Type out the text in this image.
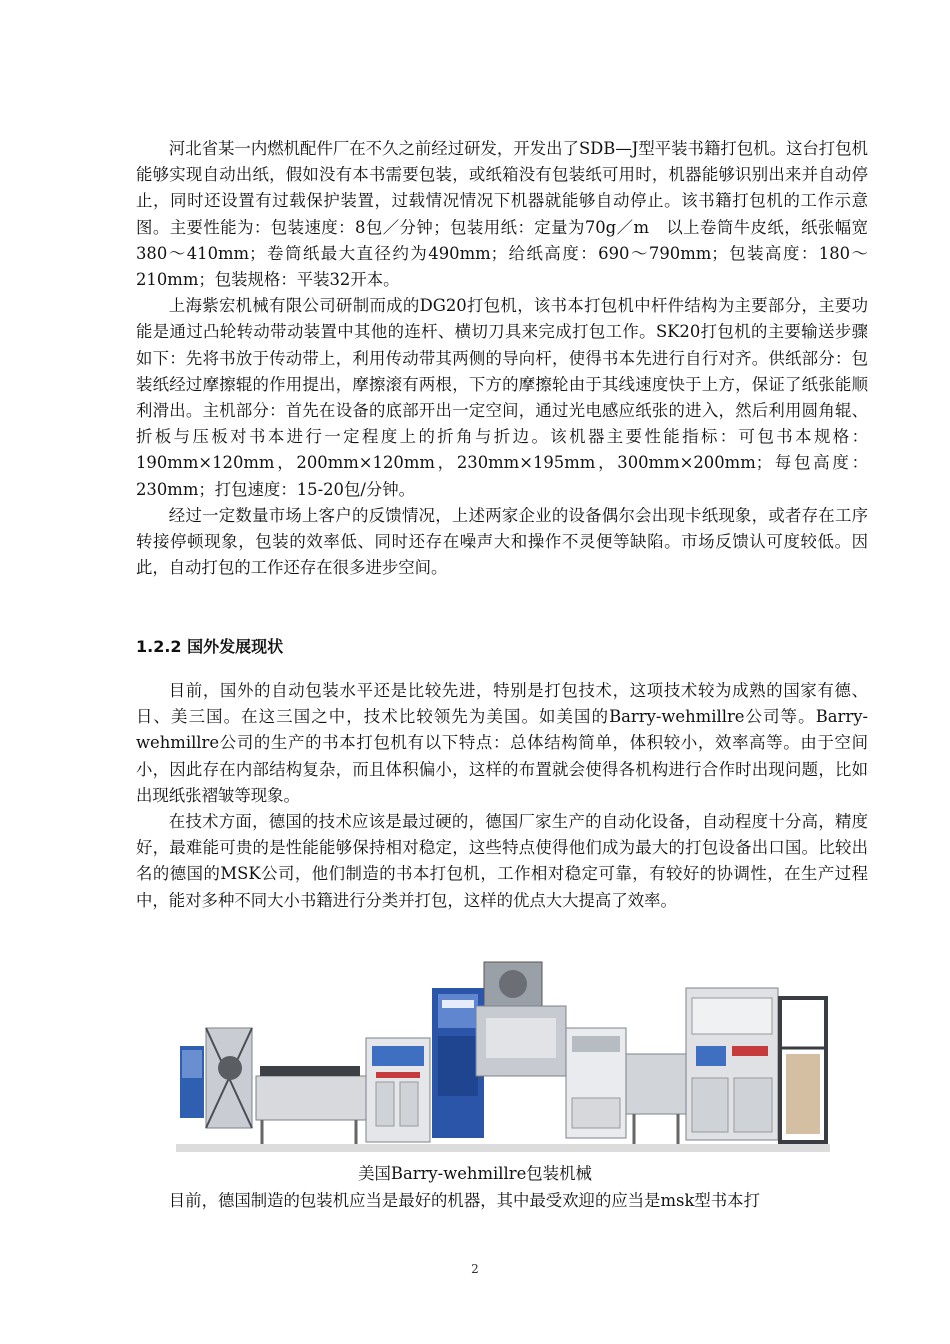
河北省某一内燃机配件厂在不久之前经过研发，开发出了SDB—J型平装书籍打包机。这台打包机能够实现自动出纸，假如没有本书需要包装，或纸箱没有包装纸可用时，机器能够识别出来并自动停止，同时还设置有过载保护装置，过载情况情况下机器就能够自动停止。该书籍打包机的工作示意图。主要性能为：包装速度：8包／分钟；包装用纸：定量为70g／m　以上卷筒牛皮纸，纸张幅宽380～410mm；卷筒纸最大直径约为490mm；给纸高度：690～790mm；包装高度：180～210mm；包装规格：平装32开本。

上海紫宏机械有限公司研制而成的DG20打包机，该书本打包机中杆件结构为主要部分，主要功能是通过凸轮转动带动装置中其他的连杆、横切刀具来完成打包工作。SK20打包机的主要输送步骤如下：先将书放于传动带上，利用传动带其两侧的导向杆，使得书本先进行自行对齐。供纸部分：包装纸经过摩擦辊的作用提出，摩擦滚有两根，下方的摩擦轮由于其线速度快于上方，保证了纸张能顺利滑出。主机部分：首先在设备的底部开出一定空间，通过光电感应纸张的进入，然后利用圆角辊、折板与压板对书本进行一定程度上的折角与折边。该机器主要性能指标：可包书本规格：190mm×120mm，200mm×120mm，230mm×195mm，300mm×200mm；每包高度：230mm；打包速度：15-20包/分钟。

经过一定数量市场上客户的反馈情况，上述两家企业的设备偶尔会出现卡纸现象，或者存在工序转接停顿现象，包装的效率低、同时还存在噪声大和操作不灵便等缺陷。市场反馈认可度较低。因此，自动打包的工作还存在很多进步空间。

1.2.2 国外发展现状

目前，国外的自动包装水平还是比较先进，特别是打包技术，这项技术较为成熟的国家有德、日、美三国。在这三国之中，技术比较领先为美国。如美国的Barry-wehmillre公司等。Barry-wehmillre公司的生产的书本打包机有以下特点：总体结构简单，体积较小，效率高等。由于空间小，因此存在内部结构复杂，而且体积偏小，这样的布置就会使得各机构进行合作时出现问题，比如出现纸张褶皱等现象。

在技术方面，德国的技术应该是最过硬的，德国厂家生产的自动化设备，自动程度十分高，精度好，最难能可贵的是性能能够保持相对稳定，这些特点使得他们成为最大的打包设备出口国。比较出名的德国的MSK公司，他们制造的书本打包机，工作相对稳定可靠，有较好的协调性，在生产过程中，能对多种不同大小书籍进行分类并打包，这样的优点大大提高了效率。

美国Barry-wehmillre包装机械

目前，德国制造的包装机应当是最好的机器，其中最受欢迎的应当是msk型书本打

2
